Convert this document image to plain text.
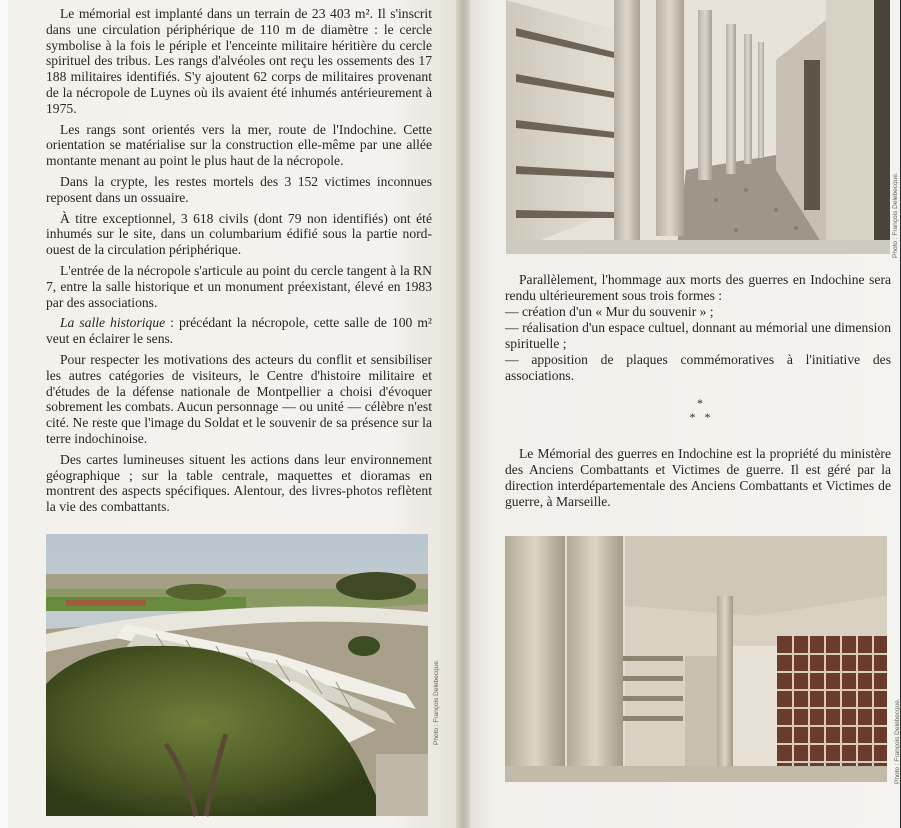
Le mémorial est implanté dans un terrain de 23 403 m². Il s'inscrit dans une circulation périphérique de 110 m de diamètre : le cercle symbolise à la fois le périple et l'enceinte militaire héritière du cercle spirituel des tribus. Les rangs d'alvéoles ont reçu les ossements des 17 188 militaires identifiés. S'y ajoutent 62 corps de militaires provenant de la nécropole de Luynes où ils avaient été inhumés antérieurement à 1975.

Les rangs sont orientés vers la mer, route de l'Indochine. Cette orientation se matérialise sur la construction elle-même par une allée montante menant au point le plus haut de la nécropole.

Dans la crypte, les restes mortels des 3 152 victimes inconnues reposent dans un ossuaire.

À titre exceptionnel, 3 618 civils (dont 79 non identifiés) ont été inhumés sur le site, dans un columbarium édifié sous la partie nord-ouest de la circulation périphérique.

L'entrée de la nécropole s'articule au point du cercle tangent à la RN 7, entre la salle historique et un monument préexistant, élevé en 1983 par des associations.

La salle historique : précédant la nécropole, cette salle de 100 m² veut en éclairer le sens.

Pour respecter les motivations des acteurs du conflit et sensibiliser les autres catégories de visiteurs, le Centre d'histoire militaire et d'études de la défense nationale de Montpellier a choisi d'évoquer sobrement les combats. Aucun personnage — ou unité — célèbre n'est cité. Ne reste que l'image du Soldat et le souvenir de sa présence sur la terre indochinoise.

Des cartes lumineuses situent les actions dans leur environnement géographique ; sur la table centrale, maquettes et dioramas en montrent des aspects spécifiques. Alentour, des livres-photos reflètent la vie des combattants.

Photo : François Delebecque.
Photo : François Delebecque.

Parallèlement, l'hommage aux morts des guerres en Indochine sera rendu ultérieurement sous trois formes :

— création d'un « Mur du souvenir » ;

— réalisation d'un espace cultuel, donnant au mémorial une dimension spirituelle ;

— apposition de plaques commémoratives à l'initiative des associations.

*
*   *

Le Mémorial des guerres en Indochine est la propriété du ministère des Anciens Combattants et Victimes de guerre. Il est géré par la direction interdépartementale des Anciens Combattants et Victimes de guerre, à Marseille.

Photo : François Delebecque.
